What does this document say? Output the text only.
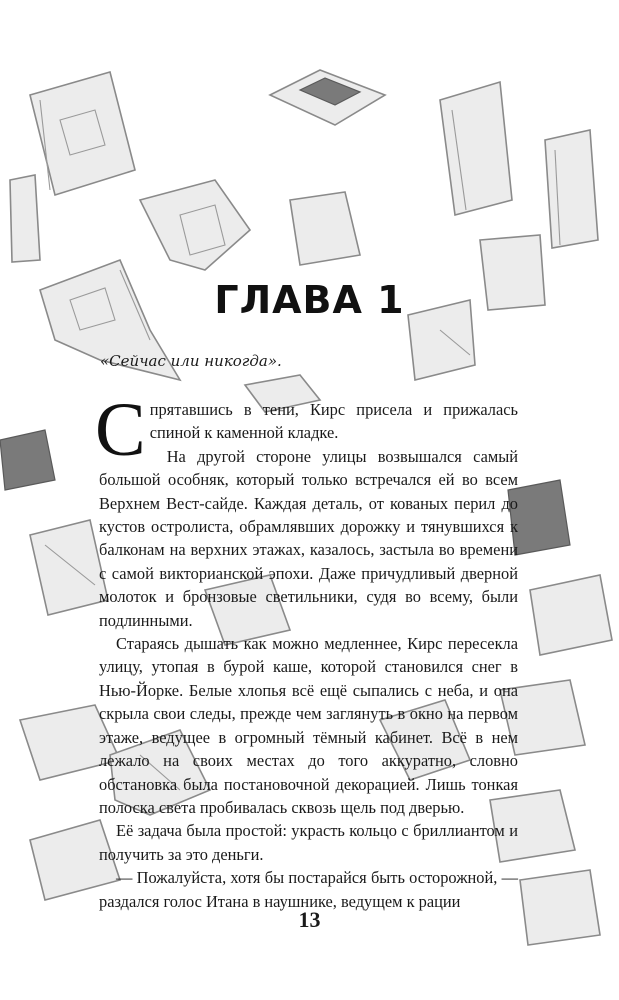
ГЛАВА 1
«Сейчас или никогда».

Спрятавшись в тени, Кирс присела и прижалась спиной к каменной кладке.

На другой стороне улицы возвышался самый большой особняк, который только встречался ей во всем Верхнем Вест-сайде. Каждая деталь, от кованых перил до кустов остролиста, обрамлявших дорожку и тянувшихся к балконам на верхних этажах, казалось, застыла во времени с самой викторианской эпохи. Даже причудливый дверной молоток и бронзовые светильники, судя во всему, были подлинными.

Стараясь дышать как можно медленнее, Кирс пересекла улицу, утопая в бурой каше, которой становился снег в Нью-Йорке. Белые хлопья всё ещё сыпались с неба, и она скрыла свои следы, прежде чем заглянуть в окно на первом этаже, ведущее в огромный тёмный кабинет. Всё в нем лежало на своих местах до того аккуратно, словно обстановка была постановочной декорацией. Лишь тонкая полоска света пробивалась сквозь щель под дверью.

Её задача была простой: украсть кольцо с бриллиантом и получить за это деньги.

— Пожалуйста, хотя бы постарайся быть осторожной, — раздался голос Итана в наушнике, ведущем к рации

13
